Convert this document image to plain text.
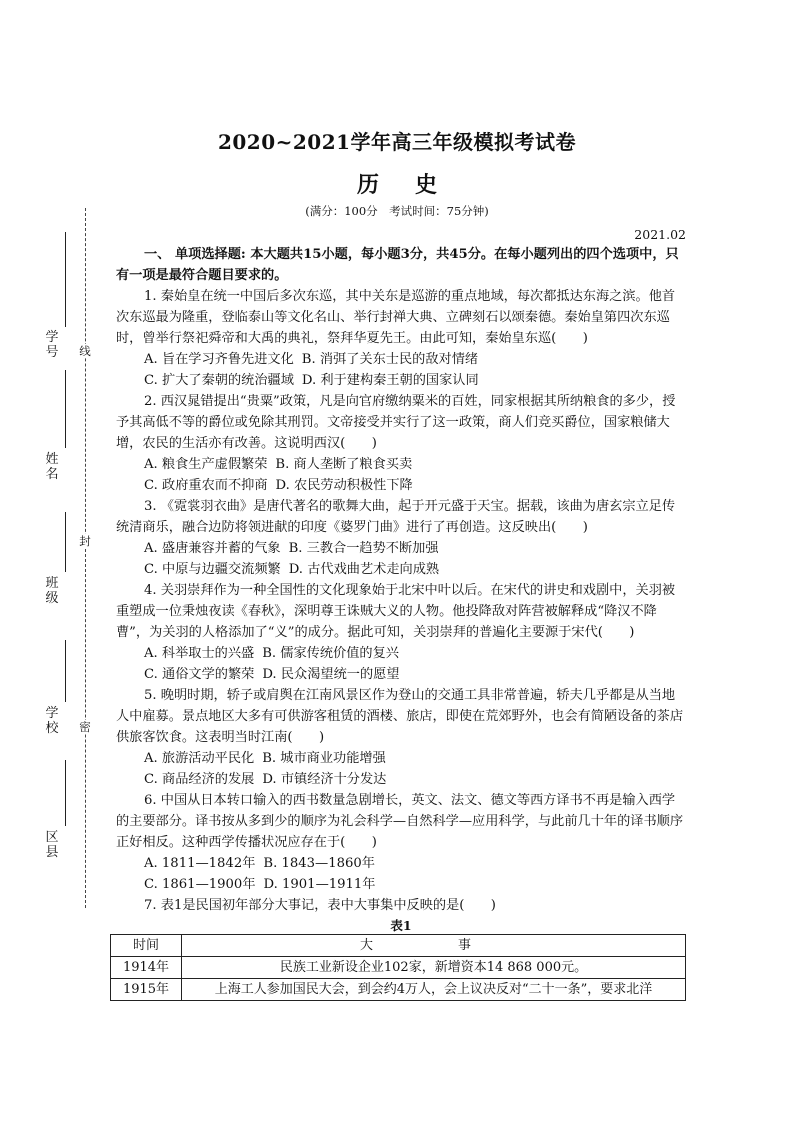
线
封
密
学号
姓名
班级
学校
区县
2020~2021学年高三年级模拟考试卷
历史
(满分：100分　考试时间：75分钟)
2021.02

一、 单项选择题: 本大题共15小题，每小题3分，共45分。在每小题列出的四个选项中，只有一项是最符合题目要求的。

1. 秦始皇在统一中国后多次东巡，其中关东是巡游的重点地域，每次都抵达东海之滨。他首次东巡最为隆重，登临泰山等文化名山、举行封禅大典、立碑刻石以颂秦德。秦始皇第四次东巡时，曾举行祭祀舜帝和大禹的典礼，祭拜华夏先王。由此可知，秦始皇东巡(　　)

A. 旨在学习齐鲁先进文化 B. 消弭了关东士民的敌对情绪
C. 扩大了秦朝的统治疆域 D. 利于建构秦王朝的国家认同

2. 西汉晁错提出“贵粟”政策，凡是向官府缴纳粟米的百姓，同家根据其所纳粮食的多少，授予其高低不等的爵位或免除其刑罚。文帝接受并实行了这一政策，商人们竞买爵位，国家粮储大增，农民的生活亦有改善。这说明西汉(　　)

A. 粮食生产虚假繁荣 B. 商人垄断了粮食买卖
C. 政府重农而不抑商 D. 农民劳动积极性下降

3. 《霓裳羽衣曲》是唐代著名的歌舞大曲，起于开元盛于天宝。据载，该曲为唐玄宗立足传统清商乐，融合边防将领进献的印度《婆罗门曲》进行了再创造。这反映出(　　)

A. 盛唐兼容并蓄的气象 B. 三教合一趋势不断加强
C. 中原与边疆交流频繁 D. 古代戏曲艺术走向成熟

4. 关羽崇拜作为一种全国性的文化现象始于北宋中叶以后。在宋代的讲史和戏剧中，关羽被重塑成一位秉烛夜读《春秋》，深明尊王诛贼大义的人物。他投降敌对阵营被解释成“降汉不降曹”，为关羽的人格添加了“义”的成分。据此可知，关羽崇拜的普遍化主要源于宋代(　　)

A. 科举取士的兴盛 B. 儒家传统价值的复兴
C. 通俗文学的繁荣 D. 民众渴望统一的愿望

5. 晚明时期，轿子或肩舆在江南风景区作为登山的交通工具非常普遍，轿夫几乎都是从当地人中雇募。景点地区大多有可供游客租赁的酒楼、旅店，即使在荒郊野外，也会有简陋设备的茶店供旅客饮食。这表明当时江南(　　)

A. 旅游活动平民化 B. 城市商业功能增强
C. 商品经济的发展 D. 市镇经济十分发达

6. 中国从日本转口输入的西书数量急剧增长，英文、法文、德文等西方译书不再是输入西学的主要部分。译书按从多到少的顺序为礼会科学—自然科学—应用科学，与此前几十年的译书顺序正好相反。这种西学传播状况应存在于(　　)

A. 1811—1842年 B. 1843—1860年
C. 1861—1900年 D. 1901—1911年

7. 表1是民国初年部分大事记，表中大事集中反映的是(　　)

表1
时间	大　事
1914年	民族工业新设企业102家，新增资本14 868 000元。
1915年	上海工人参加国民大会，到会约4万人，会上议决反对“二十一条”，要求北洋
